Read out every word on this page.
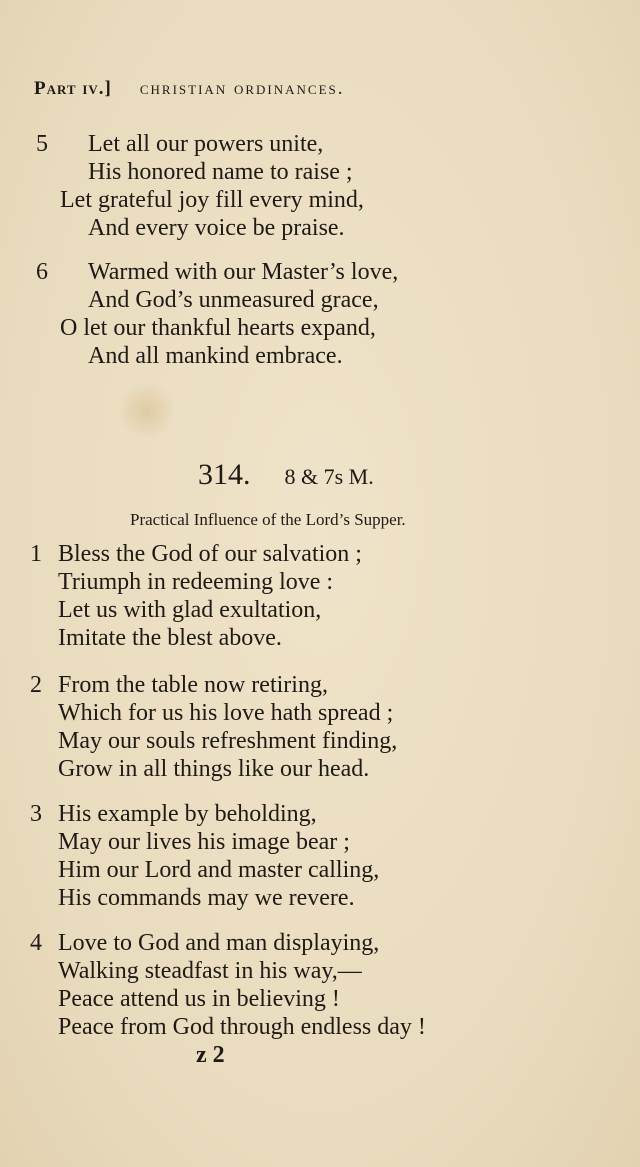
Part iv.] christian ordinances.
5 Let all our powers unite,
His honored name to raise ;
Let grateful joy fill every mind,
And every voice be praise.
6 Warmed with our Master’s love,
And God’s unmeasured grace,
O let our thankful hearts expand,
And all mankind embrace.
314. 8 & 7s M.
Practical Influence of the Lord’s Supper.
1 Bless the God of our salvation ;
Triumph in redeeming love :
Let us with glad exultation,
Imitate the blest above.
2 From the table now retiring,
Which for us his love hath spread ;
May our souls refreshment finding,
Grow in all things like our head.
3 His example by beholding,
May our lives his image bear ;
Him our Lord and master calling,
His commands may we revere.
4 Love to God and man displaying,
Walking steadfast in his way,—
Peace attend us in believing !
Peace from God through endless day !
z 2
